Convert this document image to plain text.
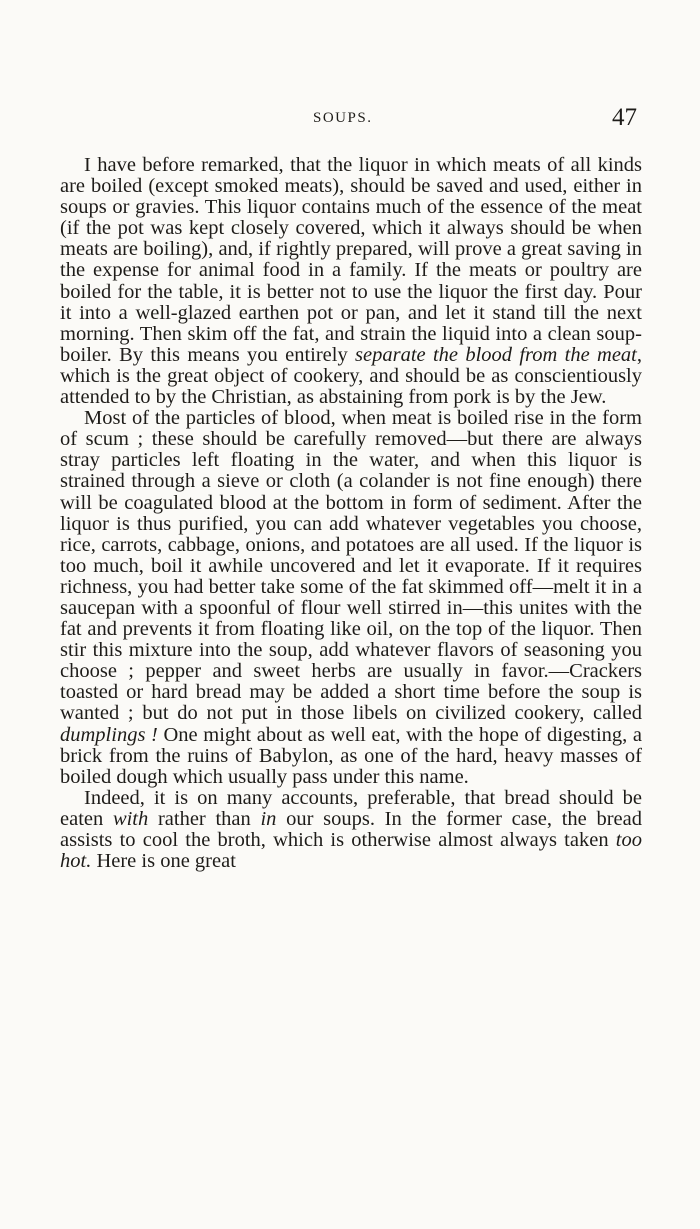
SOUPS.	47

I have before remarked, that the liquor in which meats of all kinds are boiled (except smoked meats), should be saved and used, either in soups or gravies. This liquor contains much of the essence of the meat (if the pot was kept closely covered, which it always should be when meats are boiling), and, if rightly prepared, will prove a great saving in the expense for animal food in a family. If the meats or poultry are boiled for the table, it is better not to use the liquor the first day. Pour it into a well-glazed earthen pot or pan, and let it stand till the next morning. Then skim off the fat, and strain the liquid into a clean soup-boiler. By this means you entirely separate the blood from the meat, which is the great object of cookery, and should be as conscientiously attended to by the Christian, as abstaining from pork is by the Jew.

Most of the particles of blood, when meat is boiled rise in the form of scum ; these should be carefully removed—but there are always stray particles left floating in the water, and when this liquor is strained through a sieve or cloth (a colander is not fine enough) there will be coagulated blood at the bottom in form of sediment. After the liquor is thus purified, you can add whatever vegetables you choose, rice, carrots, cabbage, onions, and potatoes are all used. If the liquor is too much, boil it awhile uncovered and let it evaporate. If it requires richness, you had better take some of the fat skimmed off—melt it in a saucepan with a spoonful of flour well stirred in—this unites with the fat and prevents it from floating like oil, on the top of the liquor. Then stir this mixture into the soup, add whatever flavors of seasoning you choose ; pepper and sweet herbs are usually in favor.—Crackers toasted or hard bread may be added a short time before the soup is wanted ; but do not put in those libels on civilized cookery, called dumplings ! One might about as well eat, with the hope of digesting, a brick from the ruins of Babylon, as one of the hard, heavy masses of boiled dough which usually pass under this name.

Indeed, it is on many accounts, preferable, that bread should be eaten with rather than in our soups. In the former case, the bread assists to cool the broth, which is otherwise almost always taken too hot. Here is one great
